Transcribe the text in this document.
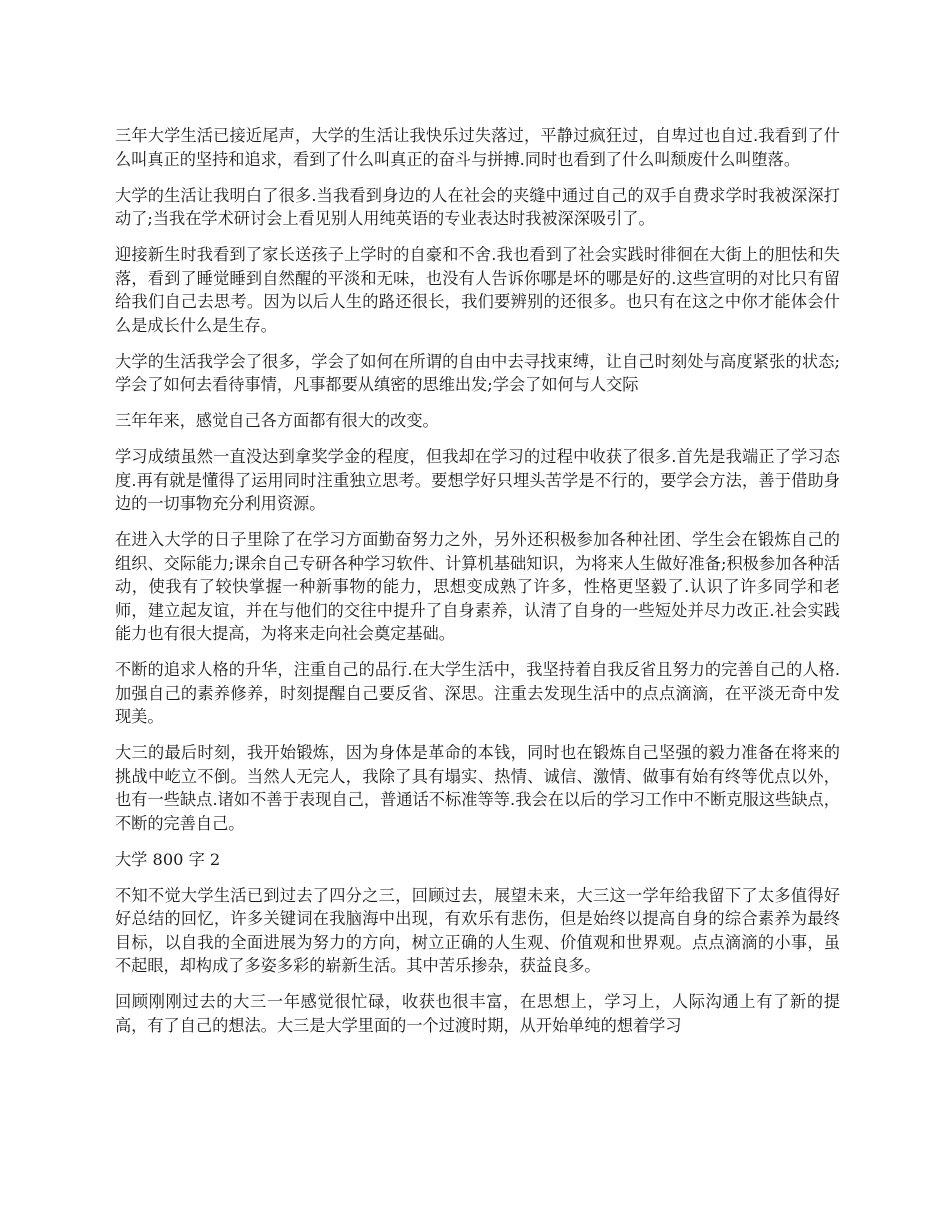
三年大学生活已接近尾声，大学的生活让我快乐过失落过，平静过疯狂过，自卑过也自过.我看到了什么叫真正的坚持和追求，看到了什么叫真正的奋斗与拼搏.同时也看到了什么叫颓废什么叫堕落。

大学的生活让我明白了很多.当我看到身边的人在社会的夹缝中通过自己的双手自费求学时我被深深打动了;当我在学术研讨会上看见别人用纯英语的专业表达时我被深深吸引了。

迎接新生时我看到了家长送孩子上学时的自豪和不舍.我也看到了社会实践时徘徊在大街上的胆怯和失落，看到了睡觉睡到自然醒的平淡和无味，也没有人告诉你哪是坏的哪是好的.这些宣明的对比只有留给我们自己去思考。因为以后人生的路还很长，我们要辨别的还很多。也只有在这之中你才能体会什么是成长什么是生存。

大学的生活我学会了很多，学会了如何在所谓的自由中去寻找束缚，让自己时刻处与高度紧张的状态;学会了如何去看待事情，凡事都要从缜密的思维出发;学会了如何与人交际

三年年来，感觉自己各方面都有很大的改变。

学习成绩虽然一直没达到拿奖学金的程度，但我却在学习的过程中收获了很多.首先是我端正了学习态度.再有就是懂得了运用同时注重独立思考。要想学好只埋头苦学是不行的，要学会方法，善于借助身边的一切事物充分利用资源。

在进入大学的日子里除了在学习方面勤奋努力之外，另外还积极参加各种社团、学生会在锻炼自己的组织、交际能力;课余自己专研各种学习软件、计算机基础知识，为将来人生做好准备;积极参加各种活动，使我有了较快掌握一种新事物的能力，思想变成熟了许多，性格更坚毅了.认识了许多同学和老师，建立起友谊，并在与他们的交往中提升了自身素养，认清了自身的一些短处并尽力改正.社会实践能力也有很大提高，为将来走向社会奠定基础。

不断的追求人格的升华，注重自己的品行.在大学生活中，我坚持着自我反省且努力的完善自己的人格.加强自己的素养修养，时刻提醒自己要反省、深思。注重去发现生活中的点点滴滴，在平淡无奇中发现美。

大三的最后时刻，我开始锻炼，因为身体是革命的本钱，同时也在锻炼自己坚强的毅力准备在将来的挑战中屹立不倒。当然人无完人，我除了具有塌实、热情、诚信、激情、做事有始有终等优点以外，也有一些缺点.诸如不善于表现自己，普通话不标准等等.我会在以后的学习工作中不断克服这些缺点，不断的完善自己。

大学 800 字 2

不知不觉大学生活已到过去了四分之三，回顾过去，展望未来，大三这一学年给我留下了太多值得好好总结的回忆，许多关键词在我脑海中出现，有欢乐有悲伤，但是始终以提高自身的综合素养为最终目标，以自我的全面进展为努力的方向，树立正确的人生观、价值观和世界观。点点滴滴的小事，虽不起眼，却构成了多姿多彩的崭新生活。其中苦乐掺杂，获益良多。

回顾刚刚过去的大三一年感觉很忙碌，收获也很丰富，在思想上，学习上，人际沟通上有了新的提高，有了自己的想法。大三是大学里面的一个过渡时期，从开始单纯的想着学习
